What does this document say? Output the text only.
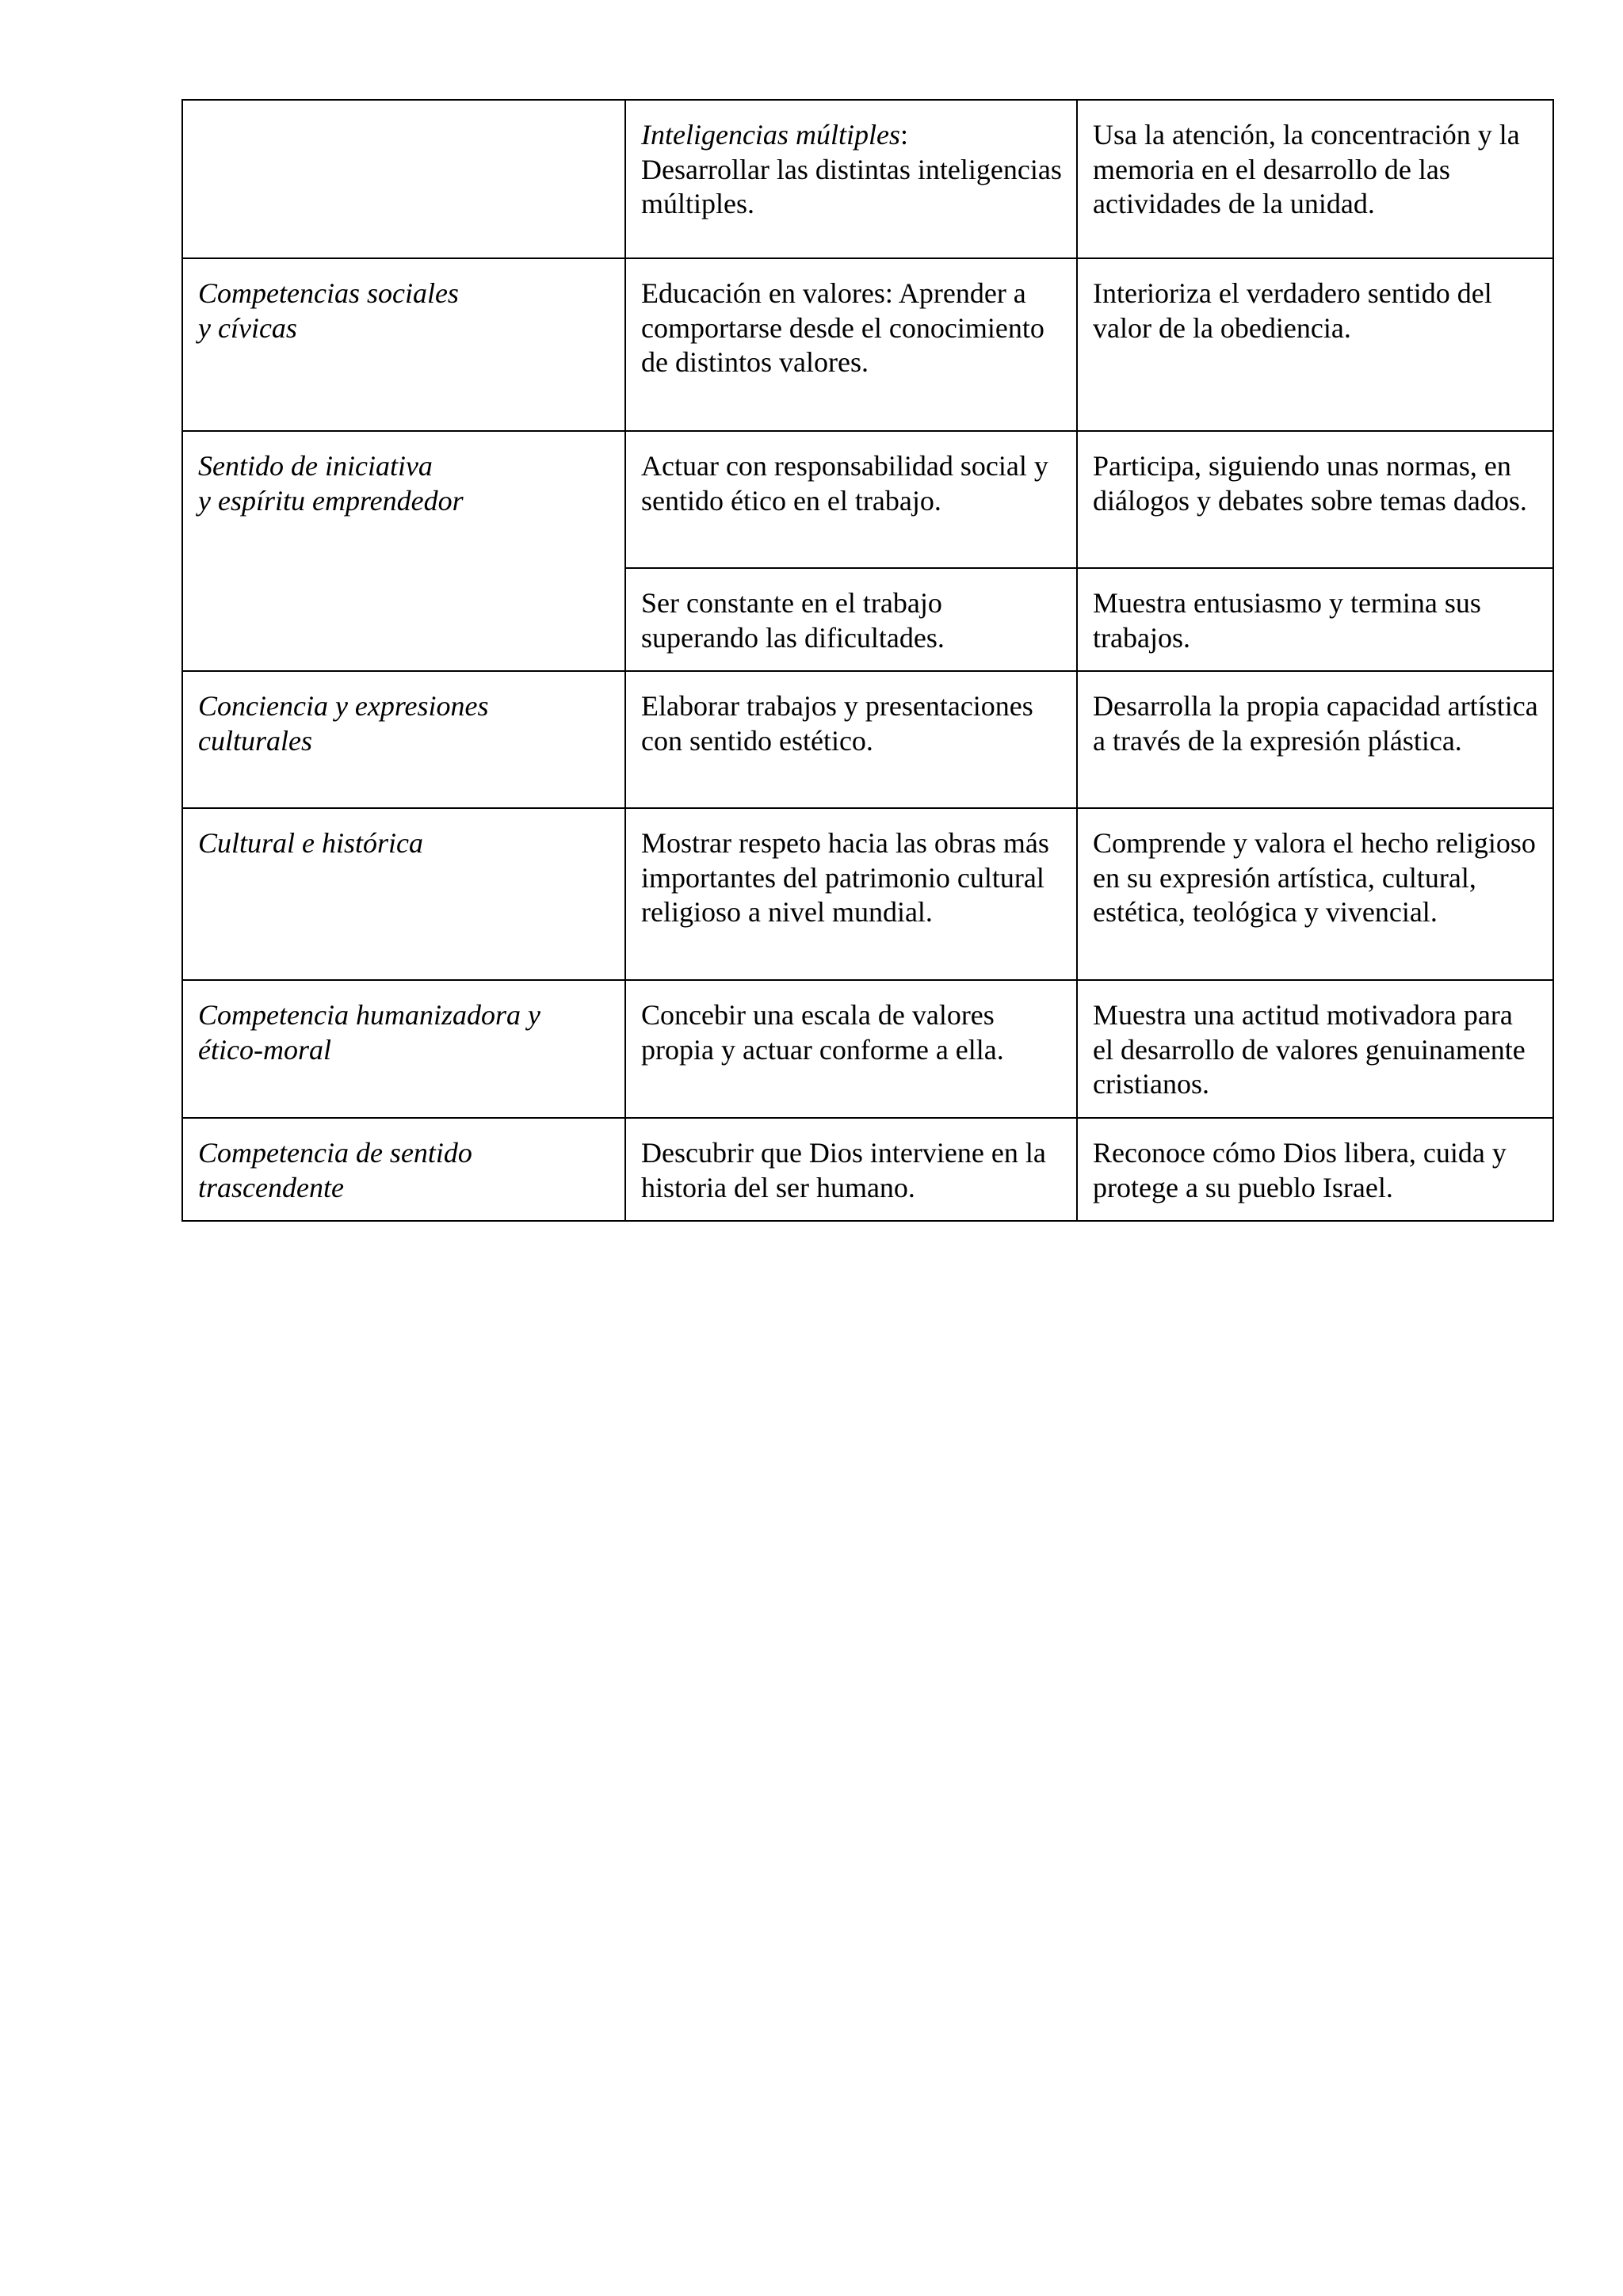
	Inteligencias múltiples:
Desarrollar las distintas inteligencias múltiples.	Usa la atención, la concentración y la memoria en el desarrollo de las actividades de la unidad.
Competencias sociales
y cívicas	Educación en valores: Aprender a comportarse desde el conocimiento de distintos valores.	Interioriza el verdadero sentido del valor de la obediencia.
Sentido de iniciativa
y espíritu emprendedor	Actuar con responsabilidad social y sentido ético en el trabajo.	Participa, siguiendo unas normas, en diálogos y debates sobre temas dados.
	Ser constante en el trabajo superando las dificultades.	Muestra entusiasmo y termina sus trabajos.
Conciencia y expresiones
culturales	Elaborar trabajos y presentaciones con sentido estético.	Desarrolla la propia capacidad artística a través de la expresión plástica.
Cultural e histórica	Mostrar respeto hacia las obras más importantes del patrimonio cultural religioso a nivel mundial.	Comprende y valora el hecho religioso en su expresión artística, cultural, estética, teológica y vivencial.
Competencia humanizadora y
ético-moral	Concebir una escala de valores propia y actuar conforme a ella.	Muestra una actitud motivadora para el desarrollo de valores genuinamente cristianos.
Competencia de sentido
trascendente	Descubrir que Dios interviene en la historia del ser humano.	Reconoce cómo Dios libera, cuida y protege a su pueblo Israel.
